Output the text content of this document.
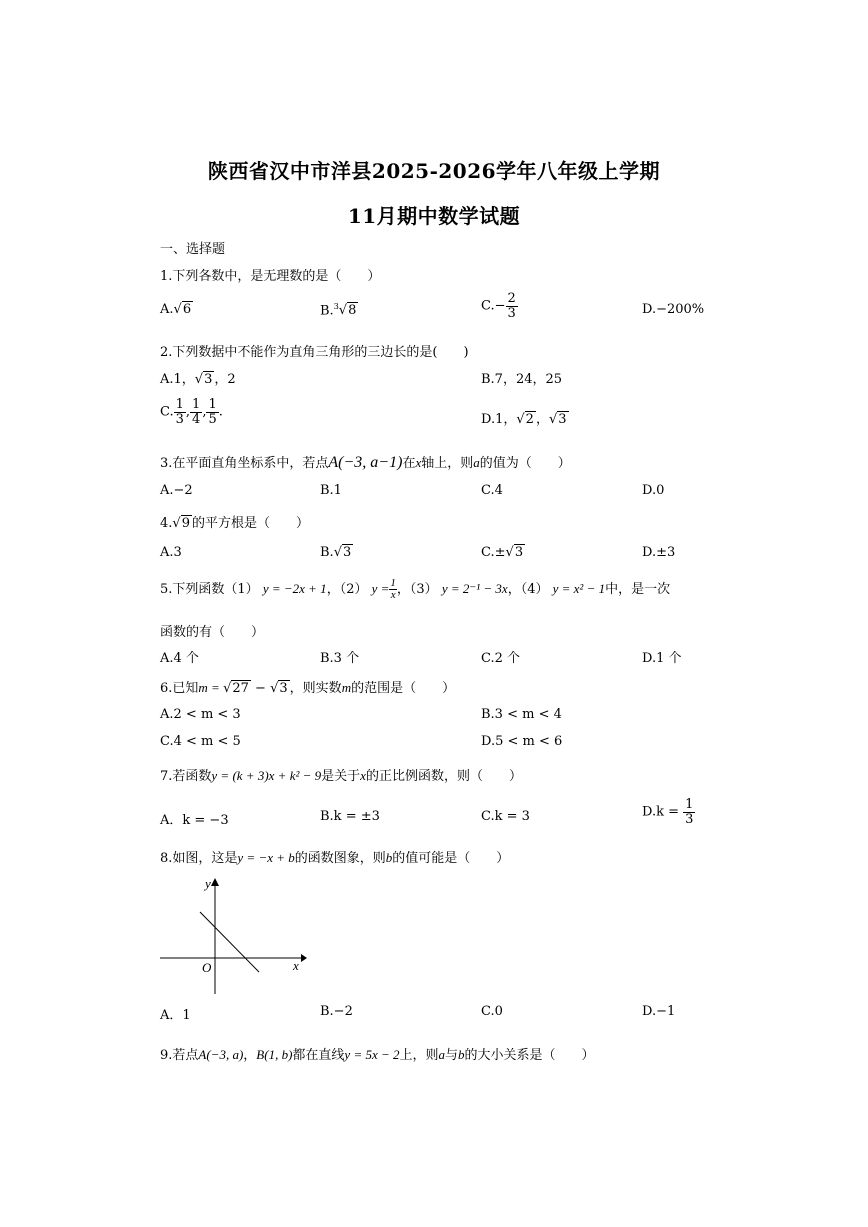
陕西省汉中市洋县2025-2026学年八年级上学期
11月期中数学试题
一、选择题
1.下列各数中，是无理数的是（　　）
A.√6	B.$^3$√8	$C.- \frac{2}{3}$	D.−200%
2.下列数据中不能作为直角三角形的三边长的是(　　)
A.1，√3 ，2	B.7，24，25
C. $\frac{1}{3}$ , $\frac{1}{4}$ , $\frac{1}{5}$ .	D.1，√2 ，√3
3.在平面直角坐标系中，若点A(−3, a−1)在x轴上，则a的值为（　　）
A.−2	B.1	C.4	D.0
4.√9 的平方根是（　　）
A.3	B.√3	C.±√3	D.±3
5.下列函数（1） y = −2x + 1，（2） $y = \frac{1}{x}$ ，（3） y = 2⁻¹ − 3x，（4） y = x² − 1中，是一次
函数的有（　　）
A.4 个	B.3 个	C.2 个	D.1 个
6.已知m = √27 − √3 ，则实数m的范围是（　　）
A.2 < m < 3	B.3 < m < 4
C.4 < m < 5	D.5 < m < 6
7.若函数y = (k + 3)x + k² − 9是关于x的正比例函数，则（　　）
A．k = −3	B.k = ±3	C.k = 3	$D.k = \frac{1}{3}$
8.如图，这是y = −x + b的函数图象，则b的值可能是（　　）
y
x
O
A．1	B.−2	C.0	D.−1
9.若点A(−3, a)，B(1, b)都在直线y = 5x − 2上，则a与b的大小关系是（　　）
